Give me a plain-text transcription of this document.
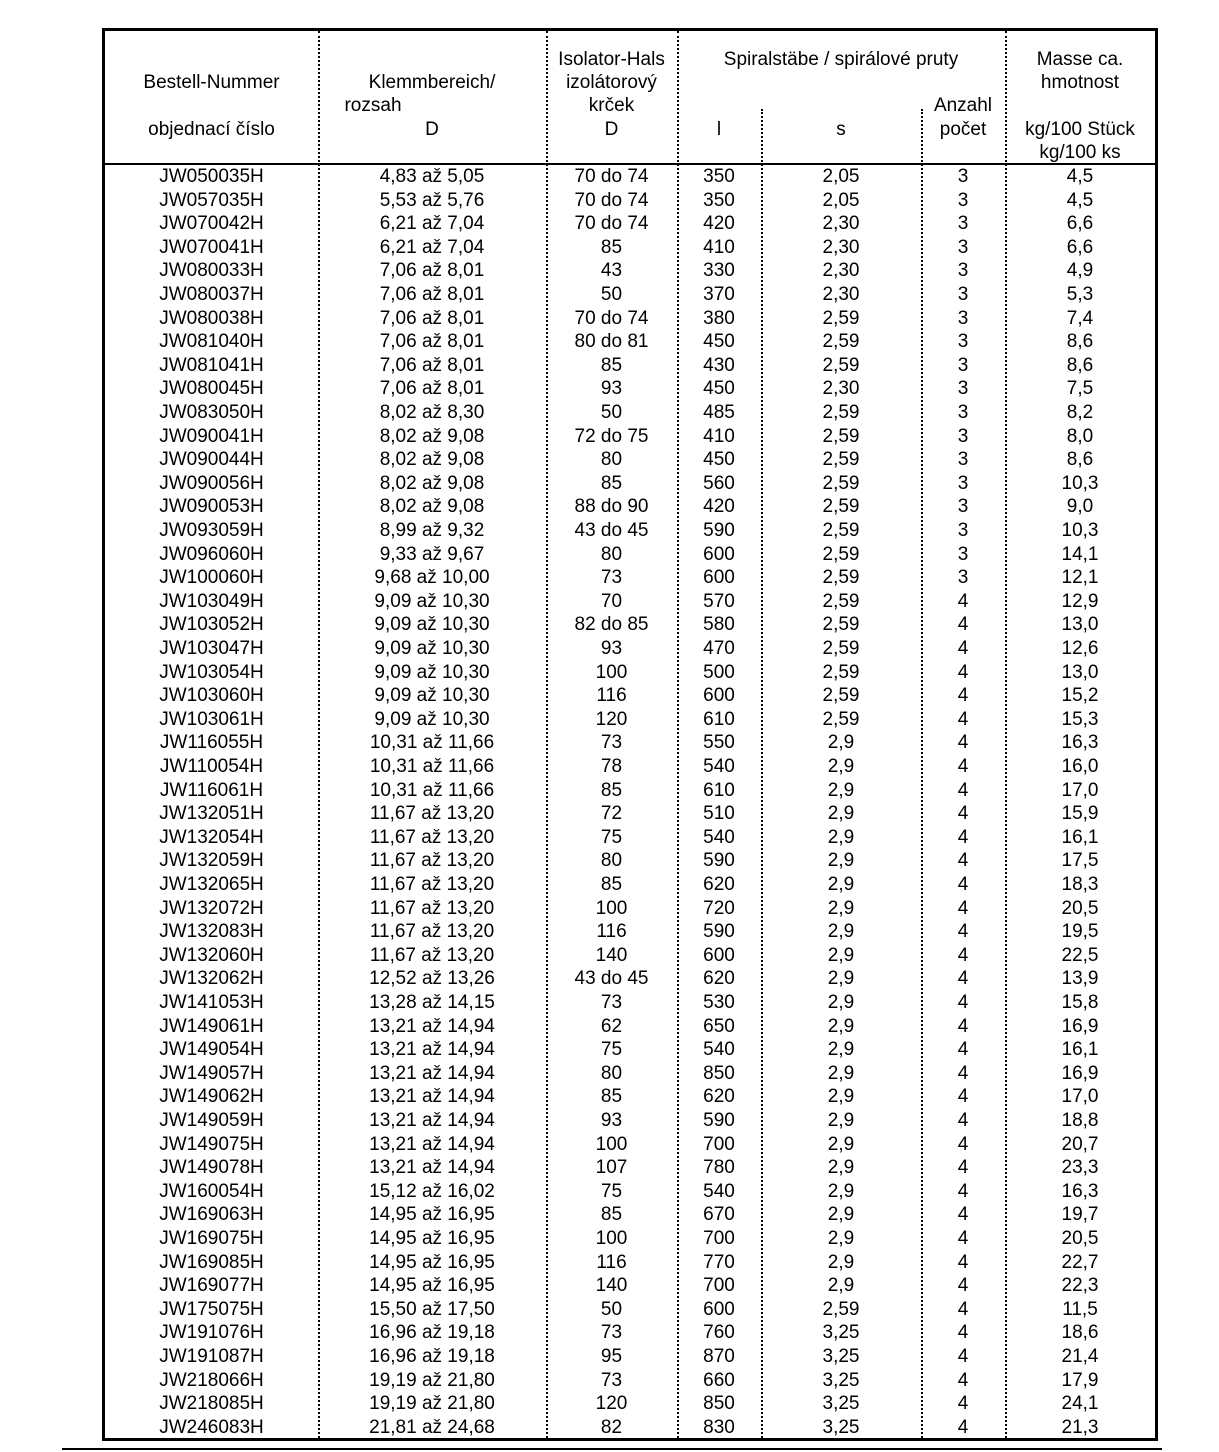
Bestell-Nummer
objednací číslo
Klemmbereich/
rozsah
D
Isolator-Hals
izolátorový
krček
D
Spiralstäbe / spirálové pruty
l	s
Anzahl
počet
Masse ca.
hmotnost
kg/100 Stück
kg/100 ks
JW050035H	4,83 až 5,05	70 do 74	350	2,05	3	4,5
JW057035H	5,53 až 5,76	70 do 74	350	2,05	3	4,5
JW070042H	6,21 až 7,04	70 do 74	420	2,30	3	6,6
JW070041H	6,21 až 7,04	85	410	2,30	3	6,6
JW080033H	7,06 až 8,01	43	330	2,30	3	4,9
JW080037H	7,06 až 8,01	50	370	2,30	3	5,3
JW080038H	7,06 až 8,01	70 do 74	380	2,59	3	7,4
JW081040H	7,06 až 8,01	80 do 81	450	2,59	3	8,6
JW081041H	7,06 až 8,01	85	430	2,59	3	8,6
JW080045H	7,06 až 8,01	93	450	2,30	3	7,5
JW083050H	8,02 až 8,30	50	485	2,59	3	8,2
JW090041H	8,02 až 9,08	72 do 75	410	2,59	3	8,0
JW090044H	8,02 až 9,08	80	450	2,59	3	8,6
JW090056H	8,02 až 9,08	85	560	2,59	3	10,3
JW090053H	8,02 až 9,08	88 do 90	420	2,59	3	9,0
JW093059H	8,99 až 9,32	43 do 45	590	2,59	3	10,3
JW096060H	9,33 až 9,67	80	600	2,59	3	14,1
JW100060H	9,68 až 10,00	73	600	2,59	3	12,1
JW103049H	9,09 až 10,30	70	570	2,59	4	12,9
JW103052H	9,09 až 10,30	82 do 85	580	2,59	4	13,0
JW103047H	9,09 až 10,30	93	470	2,59	4	12,6
JW103054H	9,09 až 10,30	100	500	2,59	4	13,0
JW103060H	9,09 až 10,30	116	600	2,59	4	15,2
JW103061H	9,09 až 10,30	120	610	2,59	4	15,3
JW116055H	10,31 až 11,66	73	550	2,9	4	16,3
JW110054H	10,31 až 11,66	78	540	2,9	4	16,0
JW116061H	10,31 až 11,66	85	610	2,9	4	17,0
JW132051H	11,67 až 13,20	72	510	2,9	4	15,9
JW132054H	11,67 až 13,20	75	540	2,9	4	16,1
JW132059H	11,67 až 13,20	80	590	2,9	4	17,5
JW132065H	11,67 až 13,20	85	620	2,9	4	18,3
JW132072H	11,67 až 13,20	100	720	2,9	4	20,5
JW132083H	11,67 až 13,20	116	590	2,9	4	19,5
JW132060H	11,67 až 13,20	140	600	2,9	4	22,5
JW132062H	12,52 až 13,26	43 do 45	620	2,9	4	13,9
JW141053H	13,28 až 14,15	73	530	2,9	4	15,8
JW149061H	13,21 až 14,94	62	650	2,9	4	16,9
JW149054H	13,21 až 14,94	75	540	2,9	4	16,1
JW149057H	13,21 až 14,94	80	850	2,9	4	16,9
JW149062H	13,21 až 14,94	85	620	2,9	4	17,0
JW149059H	13,21 až 14,94	93	590	2,9	4	18,8
JW149075H	13,21 až 14,94	100	700	2,9	4	20,7
JW149078H	13,21 až 14,94	107	780	2,9	4	23,3
JW160054H	15,12 až 16,02	75	540	2,9	4	16,3
JW169063H	14,95 až 16,95	85	670	2,9	4	19,7
JW169075H	14,95 až 16,95	100	700	2,9	4	20,5
JW169085H	14,95 až 16,95	116	770	2,9	4	22,7
JW169077H	14,95 až 16,95	140	700	2,9	4	22,3
JW175075H	15,50 až 17,50	50	600	2,59	4	11,5
JW191076H	16,96 až 19,18	73	760	3,25	4	18,6
JW191087H	16,96 až 19,18	95	870	3,25	4	21,4
JW218066H	19,19 až 21,80	73	660	3,25	4	17,9
JW218085H	19,19 až 21,80	120	850	3,25	4	24,1
JW246083H	21,81 až 24,68	82	830	3,25	4	21,3
